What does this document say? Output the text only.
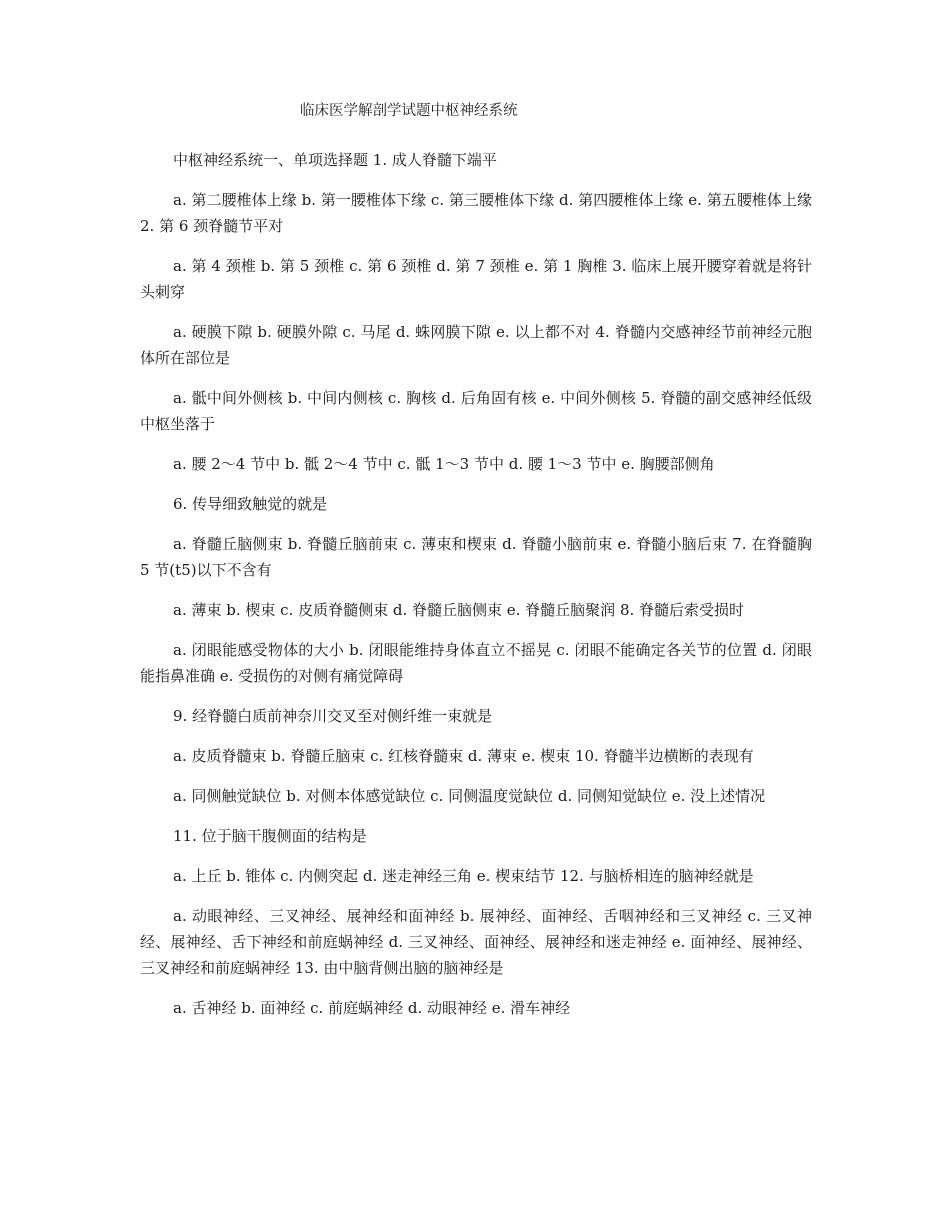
临床医学解剖学试题中枢神经系统

中枢神经系统一、单项选择题 1. 成人脊髓下端平

a. 第二腰椎体上缘 b. 第一腰椎体下缘 c. 第三腰椎体下缘 d. 第四腰椎体上缘 e. 第五腰椎体上缘 2. 第 6 颈脊髓节平对

a. 第 4 颈椎 b. 第 5 颈椎 c. 第 6 颈椎 d. 第 7 颈椎 e. 第 1 胸椎 3. 临床上展开腰穿着就是将针头刺穿

a. 硬膜下隙 b. 硬膜外隙 c. 马尾 d. 蛛网膜下隙 e. 以上都不对 4. 脊髓内交感神经节前神经元胞体所在部位是

a. 骶中间外侧核 b. 中间内侧核 c. 胸核 d. 后角固有核 e. 中间外侧核 5. 脊髓的副交感神经低级中枢坐落于

a. 腰 2～4 节中 b. 骶 2～4 节中 c. 骶 1～3 节中 d. 腰 1～3 节中 e. 胸腰部侧角

6. 传导细致触觉的就是

a. 脊髓丘脑侧束 b. 脊髓丘脑前束 c. 薄束和楔束 d. 脊髓小脑前束 e. 脊髓小脑后束 7. 在脊髓胸 5 节(t5)以下不含有

a. 薄束 b. 楔束 c. 皮质脊髓侧束 d. 脊髓丘脑侧束 e. 脊髓丘脑聚润 8. 脊髓后索受损时

a. 闭眼能感受物体的大小 b. 闭眼能维持身体直立不摇晃 c. 闭眼不能确定各关节的位置 d. 闭眼能指鼻准确 e. 受损伤的对侧有痛觉障碍

9. 经脊髓白质前神奈川交叉至对侧纤维一束就是

a. 皮质脊髓束 b. 脊髓丘脑束 c. 红核脊髓束 d. 薄束 e. 楔束 10. 脊髓半边横断的表现有

a. 同侧触觉缺位 b. 对侧本体感觉缺位 c. 同侧温度觉缺位 d. 同侧知觉缺位 e. 没上述情况

11. 位于脑干腹侧面的结构是

a. 上丘 b. 锥体 c. 内侧突起 d. 迷走神经三角 e. 楔束结节 12. 与脑桥相连的脑神经就是

a. 动眼神经、三叉神经、展神经和面神经 b. 展神经、面神经、舌咽神经和三叉神经 c. 三叉神经、展神经、舌下神经和前庭蜗神经 d. 三叉神经、面神经、展神经和迷走神经 e. 面神经、展神经、三叉神经和前庭蜗神经 13. 由中脑背侧出脑的脑神经是

a. 舌神经 b. 面神经 c. 前庭蜗神经 d. 动眼神经 e. 滑车神经
